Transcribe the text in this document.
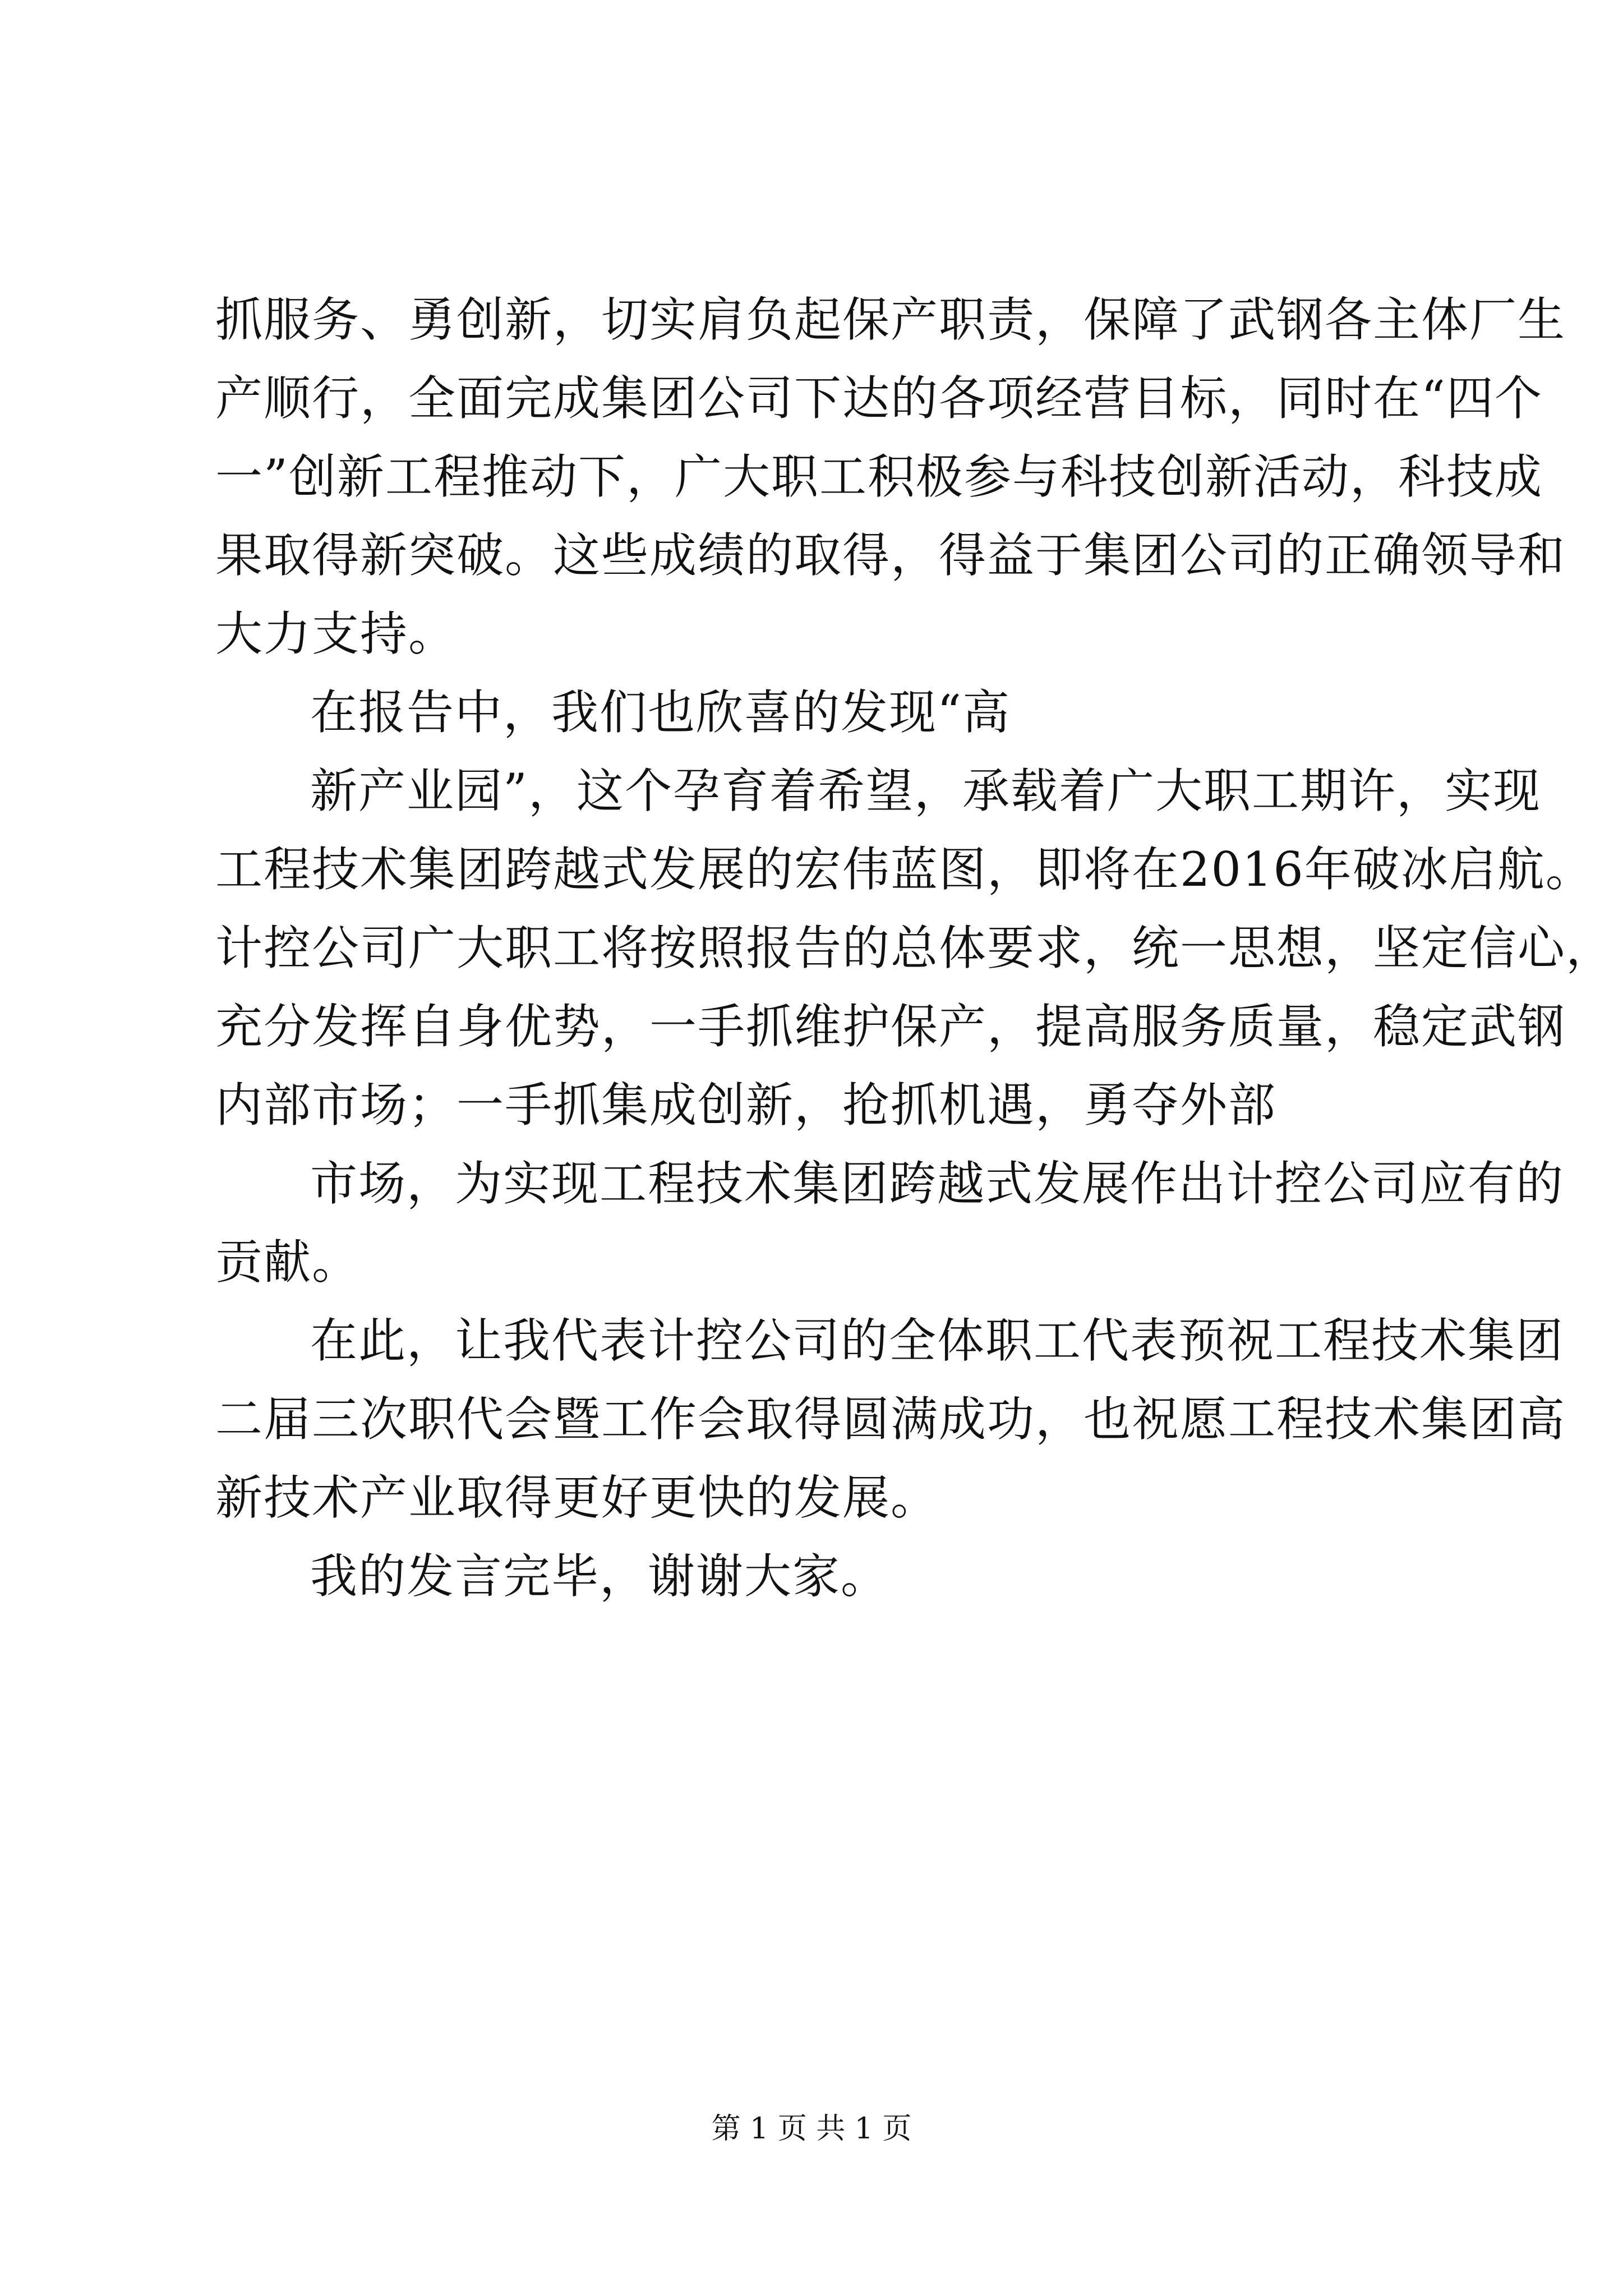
抓服务、勇创新，切实肩负起保产职责，保障了武钢各主体厂生
产顺行，全面完成集团公司下达的各项经营目标，同时在“四个
一”创新工程推动下，广大职工积极参与科技创新活动，科技成
果取得新突破。这些成绩的取得，得益于集团公司的正确领导和
大力支持。
在报告中，我们也欣喜的发现“高
新产业园”，这个孕育着希望，承载着广大职工期许，实现
工程技术集团跨越式发展的宏伟蓝图，即将在2016年破冰启航。
计控公司广大职工将按照报告的总体要求，统一思想，坚定信心，
充分发挥自身优势，一手抓维护保产，提高服务质量，稳定武钢
内部市场；一手抓集成创新，抢抓机遇，勇夺外部
市场，为实现工程技术集团跨越式发展作出计控公司应有的
贡献。
在此，让我代表计控公司的全体职工代表预祝工程技术集团
二届三次职代会暨工作会取得圆满成功，也祝愿工程技术集团高
新技术产业取得更好更快的发展。
我的发言完毕，谢谢大家。
第 1 页 共 1 页
